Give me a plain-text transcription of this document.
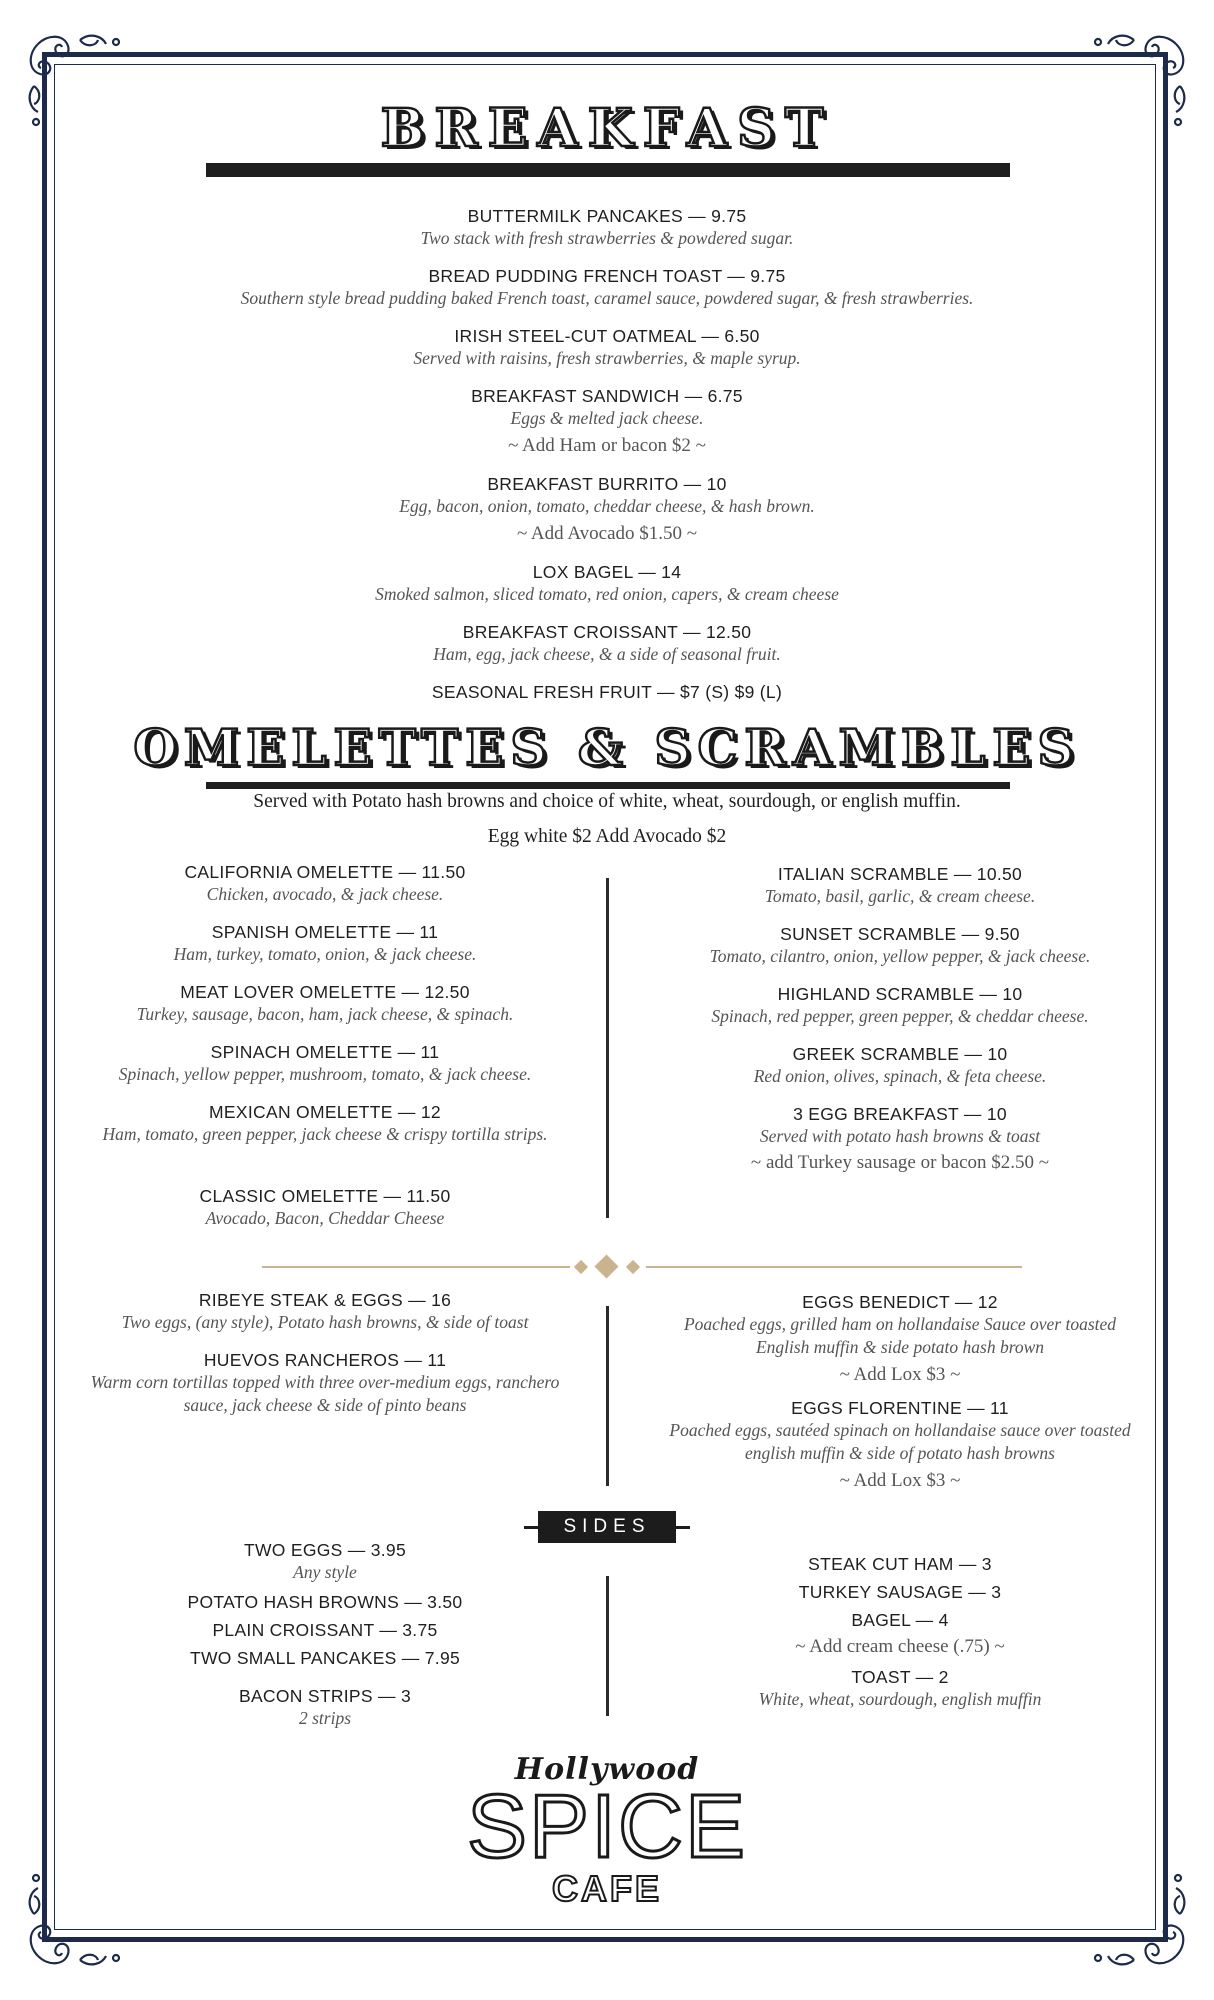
BREAKFAST
BUTTERMILK PANCAKES — 9.75
Two stack with fresh strawberries & powdered sugar.
BREAD PUDDING FRENCH TOAST — 9.75
Southern style bread pudding baked French toast, caramel sauce, powdered sugar, & fresh strawberries.
IRISH STEEL-CUT OATMEAL — 6.50
Served with raisins, fresh strawberries, & maple syrup.
BREAKFAST SANDWICH — 6.75
Eggs & melted jack cheese.
~ Add Ham or bacon $2 ~
BREAKFAST BURRITO — 10
Egg, bacon, onion, tomato, cheddar cheese, & hash brown.
~ Add Avocado $1.50 ~
LOX BAGEL — 14
Smoked salmon, sliced tomato, red onion, capers, & cream cheese
BREAKFAST CROISSANT — 12.50
Ham, egg, jack cheese, & a side of seasonal fruit.
SEASONAL FRESH FRUIT — $7 (S) $9 (L)
OMELETTES & SCRAMBLES
Served with Potato hash browns and choice of white, wheat, sourdough, or english muffin.
Egg white $2 Add Avocado $2
CALIFORNIA OMELETTE — 11.50
Chicken, avocado, & jack cheese.
SPANISH OMELETTE — 11
Ham, turkey, tomato, onion, & jack cheese.
MEAT LOVER OMELETTE — 12.50
Turkey, sausage, bacon, ham, jack cheese, & spinach.
SPINACH OMELETTE — 11
Spinach, yellow pepper, mushroom, tomato, & jack cheese.
MEXICAN OMELETTE — 12
Ham, tomato, green pepper, jack cheese & crispy tortilla strips.
CLASSIC OMELETTE — 11.50
Avocado, Bacon, Cheddar Cheese
ITALIAN SCRAMBLE — 10.50
Tomato, basil, garlic, & cream cheese.
SUNSET SCRAMBLE — 9.50
Tomato, cilantro, onion, yellow pepper, & jack cheese.
HIGHLAND SCRAMBLE — 10
Spinach, red pepper, green pepper, & cheddar cheese.
GREEK SCRAMBLE — 10
Red onion, olives, spinach, & feta cheese.
3 EGG BREAKFAST — 10
Served with potato hash browns & toast
~ add Turkey sausage or bacon $2.50 ~
RIBEYE STEAK & EGGS — 16
Two eggs, (any style), Potato hash browns, & side of toast
HUEVOS RANCHEROS — 11
Warm corn tortillas topped with three over-medium eggs, ranchero sauce, jack cheese & side of pinto beans
EGGS BENEDICT — 12
Poached eggs, grilled ham on hollandaise Sauce over toasted English muffin & side potato hash brown
~ Add Lox $3 ~
EGGS FLORENTINE — 11
Poached eggs, sautéed spinach on hollandaise sauce over toasted english muffin & side of potato hash browns
~ Add Lox $3 ~
SIDES
TWO EGGS — 3.95
Any style
POTATO HASH BROWNS — 3.50
PLAIN CROISSANT — 3.75
TWO SMALL PANCAKES — 7.95
BACON STRIPS — 3
2 strips
STEAK CUT HAM — 3
TURKEY SAUSAGE — 3
BAGEL — 4
~ Add cream cheese (.75) ~
TOAST — 2
White, wheat, sourdough, english muffin
Hollywood
SPICE
CAFE
